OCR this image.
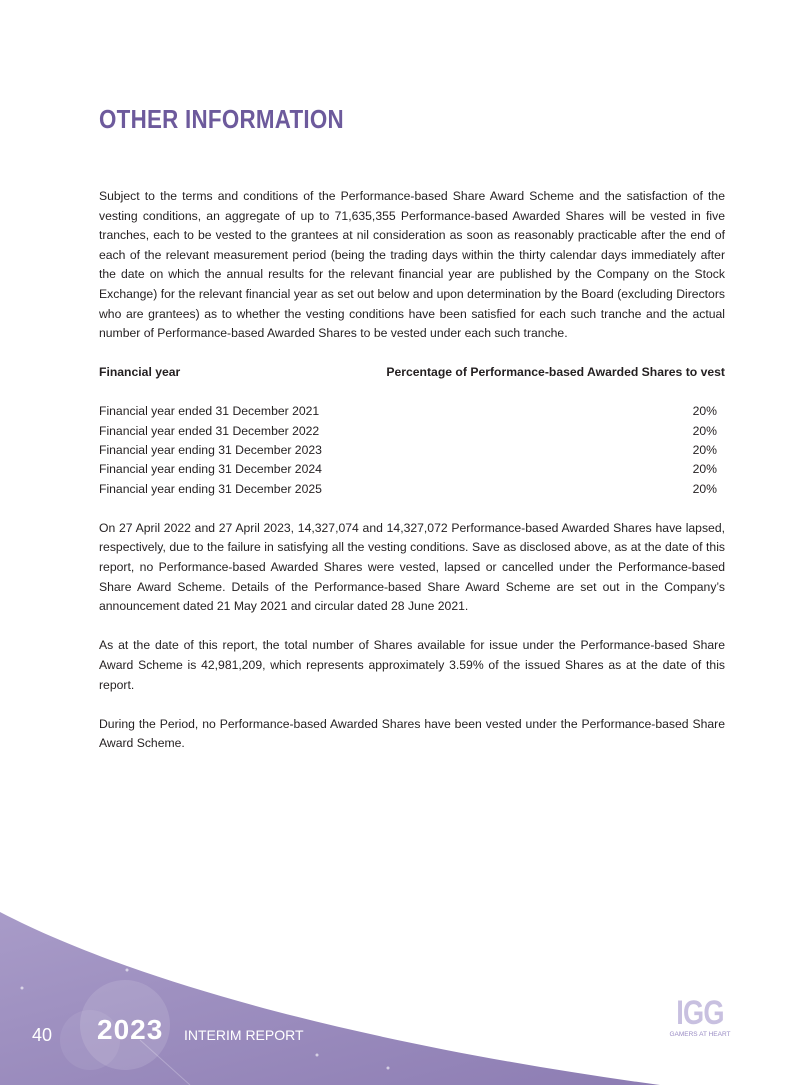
OTHER INFORMATION

Subject to the terms and conditions of the Performance-based Share Award Scheme and the satisfaction of the vesting conditions, an aggregate of up to 71,635,355 Performance-based Awarded Shares will be vested in five tranches, each to be vested to the grantees at nil consideration as soon as reasonably practicable after the end of each of the relevant measurement period (being the trading days within the thirty calendar days immediately after the date on which the annual results for the relevant financial year are published by the Company on the Stock Exchange) for the relevant financial year as set out below and upon determination by the Board (excluding Directors who are grantees) as to whether the vesting conditions have been satisfied for each such tranche and the actual number of Performance-based Awarded Shares to be vested under each such tranche.

Financial year	Percentage of Performance-based Awarded Shares to vest

Financial year ended 31 December 2021	20%
Financial year ended 31 December 2022	20%
Financial year ending 31 December 2023	20%
Financial year ending 31 December 2024	20%
Financial year ending 31 December 2025	20%

On 27 April 2022 and 27 April 2023, 14,327,074 and 14,327,072 Performance-based Awarded Shares have lapsed, respectively, due to the failure in satisfying all the vesting conditions. Save as disclosed above, as at the date of this report, no Performance-based Awarded Shares were vested, lapsed or cancelled under the Performance-based Share Award Scheme. Details of the Performance-based Share Award Scheme are set out in the Company’s announcement dated 21 May 2021 and circular dated 28 June 2021.

As at the date of this report, the total number of Shares available for issue under the Performance-based Share Award Scheme is 42,981,209, which represents approximately 3.59% of the issued Shares as at the date of this report.

During the Period, no Performance-based Awarded Shares have been vested under the Performance-based Share Award Scheme.

40 2023 INTERIM REPORT
IGG
GAMERS AT HEART
